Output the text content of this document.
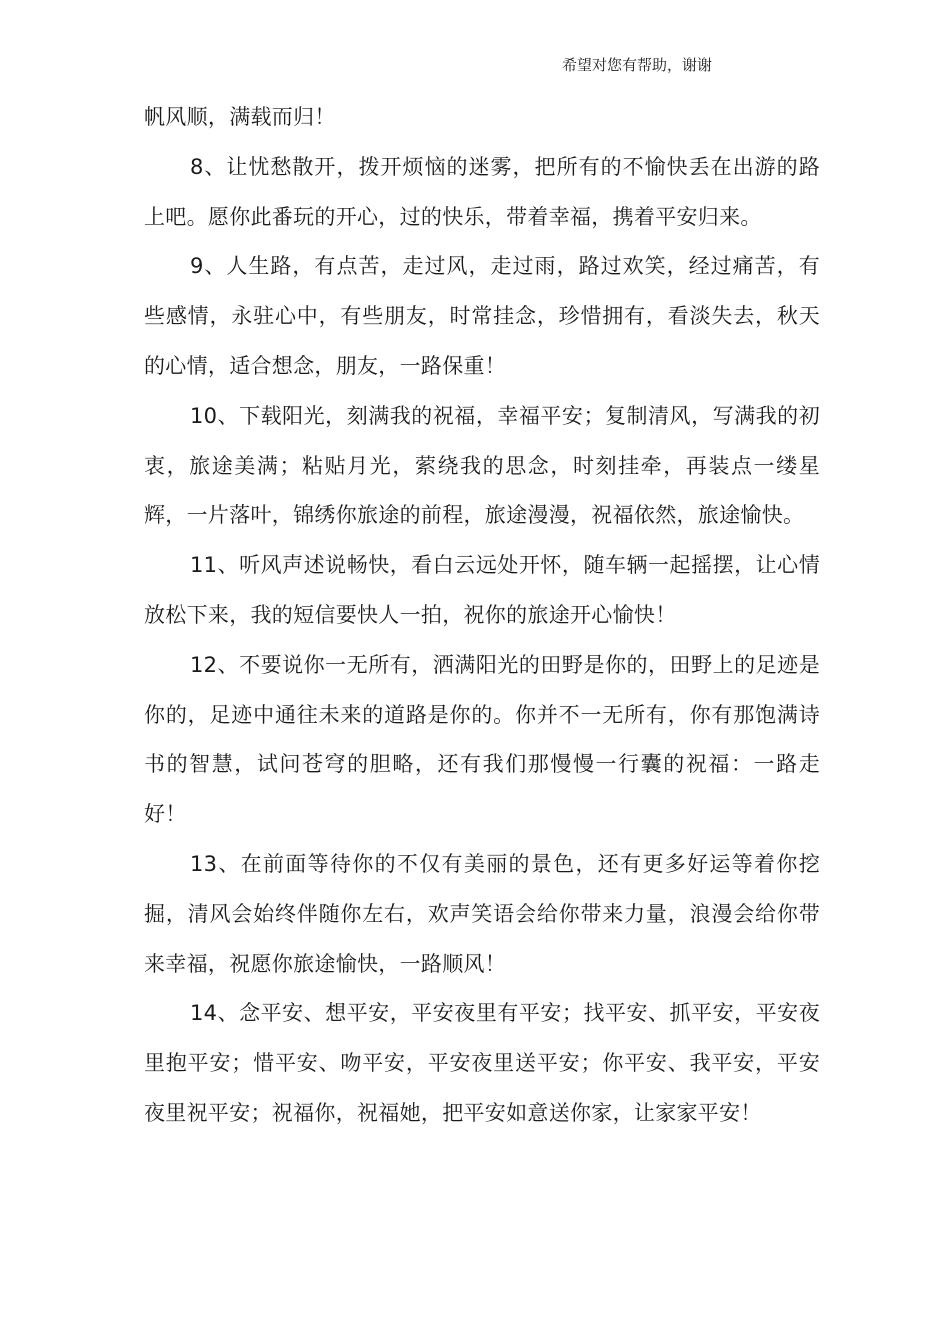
希望对您有帮助，谢谢

帆风顺，满载而归！

8、让忧愁散开，拨开烦恼的迷雾，把所有的不愉快丢在出游的路上吧。愿你此番玩的开心，过的快乐，带着幸福，携着平安归来。

9、人生路，有点苦，走过风，走过雨，路过欢笑，经过痛苦，有些感情，永驻心中，有些朋友，时常挂念，珍惜拥有，看淡失去，秋天的心情，适合想念，朋友，一路保重！

10、下载阳光，刻满我的祝福，幸福平安；复制清风，写满我的初衷，旅途美满；粘贴月光，萦绕我的思念，时刻挂牵，再装点一缕星辉，一片落叶，锦绣你旅途的前程，旅途漫漫，祝福依然，旅途愉快。

11、听风声述说畅快，看白云远处开怀，随车辆一起摇摆，让心情放松下来，我的短信要快人一拍，祝你的旅途开心愉快！

12、不要说你一无所有，洒满阳光的田野是你的，田野上的足迹是你的，足迹中通往未来的道路是你的。你并不一无所有，你有那饱满诗书的智慧，试问苍穹的胆略，还有我们那慢慢一行囊的祝福：一路走好！

13、在前面等待你的不仅有美丽的景色，还有更多好运等着你挖掘，清风会始终伴随你左右，欢声笑语会给你带来力量，浪漫会给你带来幸福，祝愿你旅途愉快，一路顺风！

14、念平安、想平安，平安夜里有平安；找平安、抓平安，平安夜里抱平安；惜平安、吻平安，平安夜里送平安；你平安、我平安，平安夜里祝平安；祝福你，祝福她，把平安如意送你家，让家家平安！
